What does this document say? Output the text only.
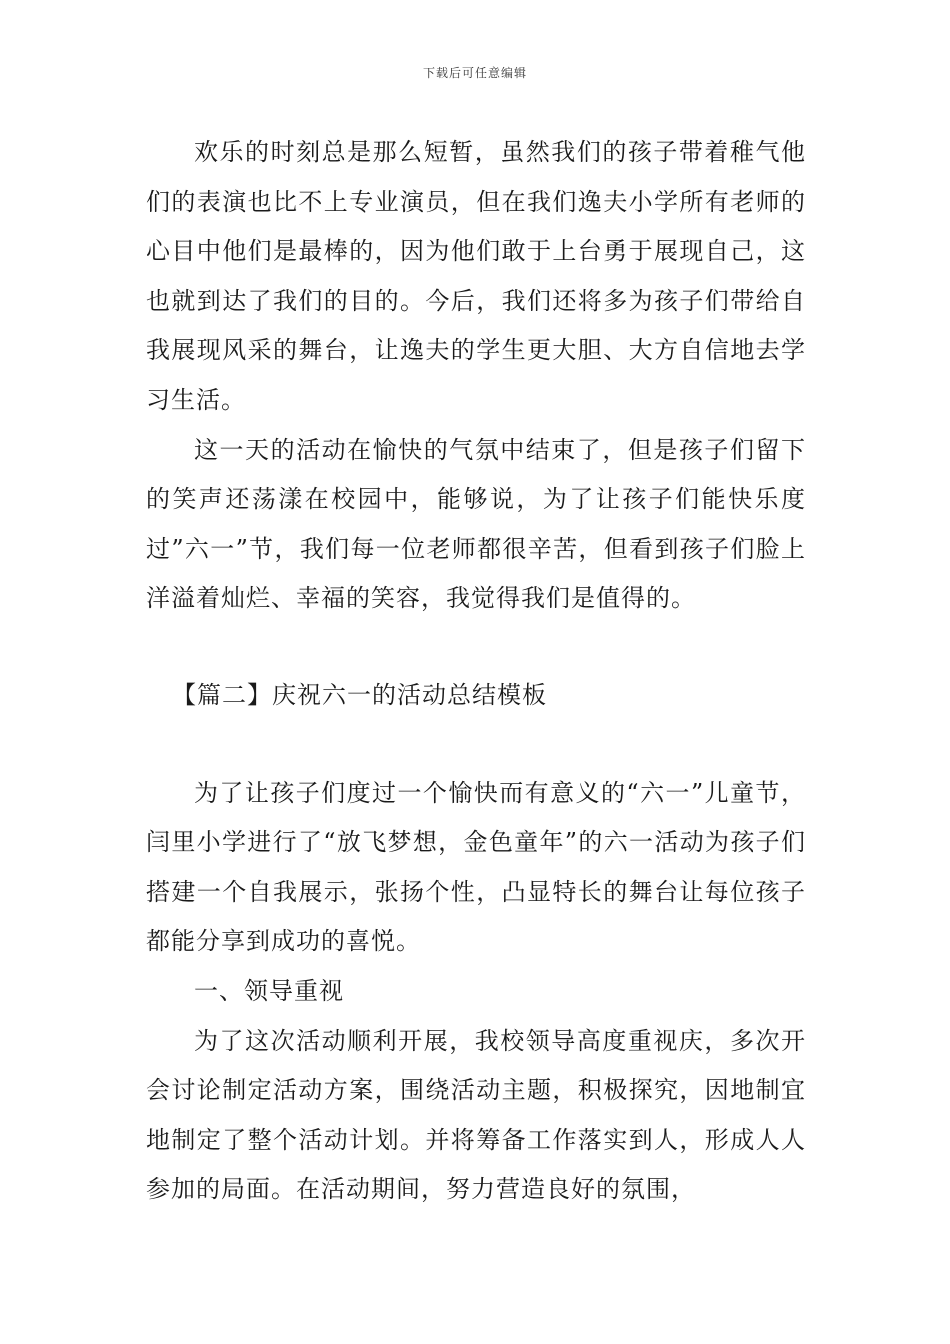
下载后可任意编辑

欢乐的时刻总是那么短暂，虽然我们的孩子带着稚气他们的表演也比不上专业演员，但在我们逸夫小学所有老师的心目中他们是最棒的，因为他们敢于上台勇于展现自己，这也就到达了我们的目的。今后，我们还将多为孩子们带给自我展现风采的舞台，让逸夫的学生更大胆、大方自信地去学习生活。

这一天的活动在愉快的气氛中结束了，但是孩子们留下的笑声还荡漾在校园中，能够说，为了让孩子们能快乐度过”六一”节，我们每一位老师都很辛苦，但看到孩子们脸上洋溢着灿烂、幸福的笑容，我觉得我们是值得的。

【篇二】庆祝六一的活动总结模板

为了让孩子们度过一个愉快而有意义的“六一”儿童节，闫里小学进行了“放飞梦想，金色童年”的六一活动为孩子们搭建一个自我展示，张扬个性，凸显特长的舞台让每位孩子都能分享到成功的喜悦。

一、领导重视

为了这次活动顺利开展，我校领导高度重视庆，多次开会讨论制定活动方案，围绕活动主题，积极探究，因地制宜地制定了整个活动计划。并将筹备工作落实到人，形成人人参加的局面。在活动期间，努力营造良好的氛围，
